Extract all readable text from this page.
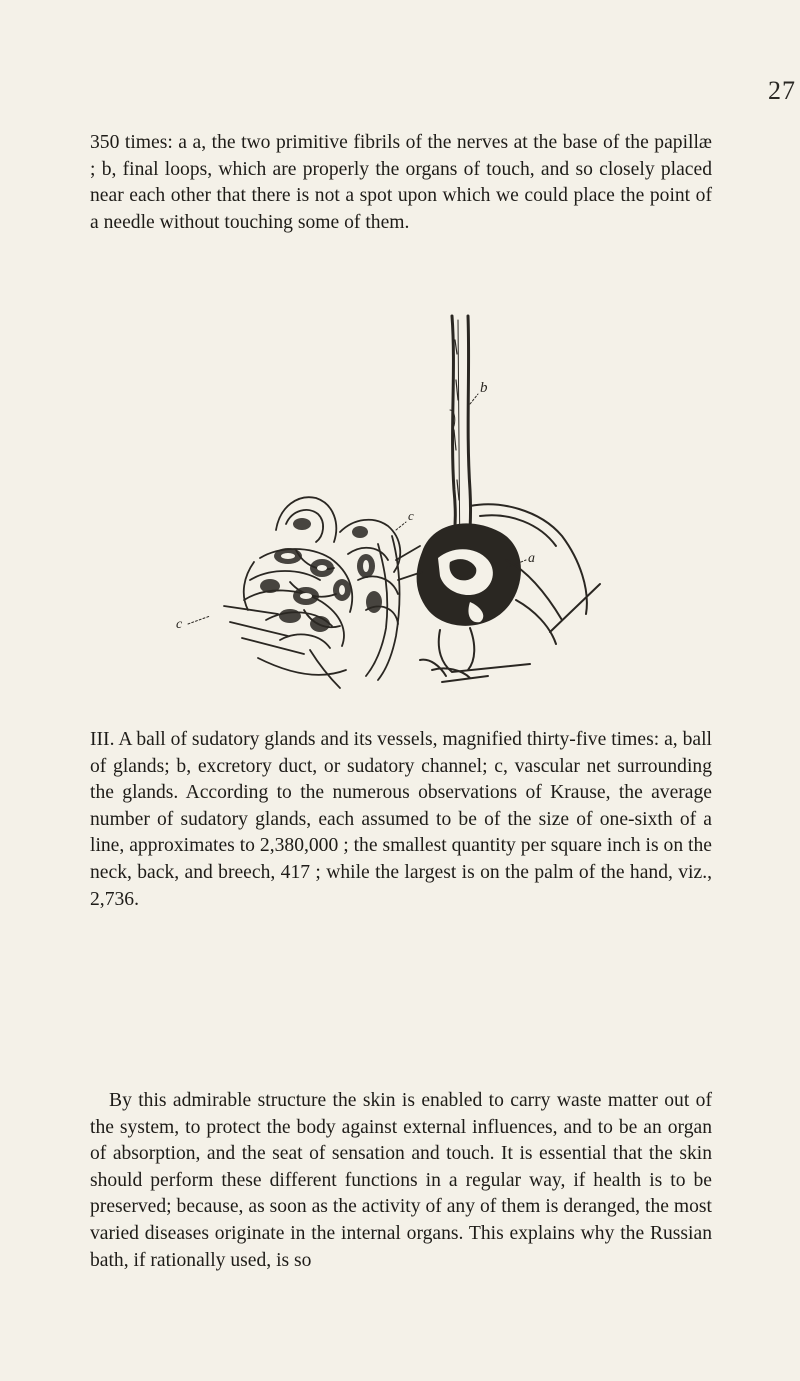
27

350 times: a a, the two primitive fibrils of the nerves at the base of the papillæ ; b, final loops, which are properly the organs of touch, and so closely placed near each other that there is not a spot upon which we could place the point of a needle without touching some of them.

b
a
c
c

III. A ball of sudatory glands and its vessels, magnified thirty-five times: a, ball of glands; b, excretory duct, or sudatory channel; c, vascular net surrounding the glands. According to the numerous observations of Krause, the average number of sudatory glands, each assumed to be of the size of one-sixth of a line, approximates to 2,380,000 ; the smallest quantity per square inch is on the neck, back, and breech, 417 ; while the largest is on the palm of the hand, viz., 2,736.

By this admirable structure the skin is enabled to carry waste matter out of the system, to protect the body against external influences, and to be an organ of absorption, and the seat of sensation and touch. It is essential that the skin should perform these different functions in a regular way, if health is to be preserved; because, as soon as the activity of any of them is deranged, the most varied diseases originate in the internal organs. This explains why the Russian bath, if rationally used, is so
